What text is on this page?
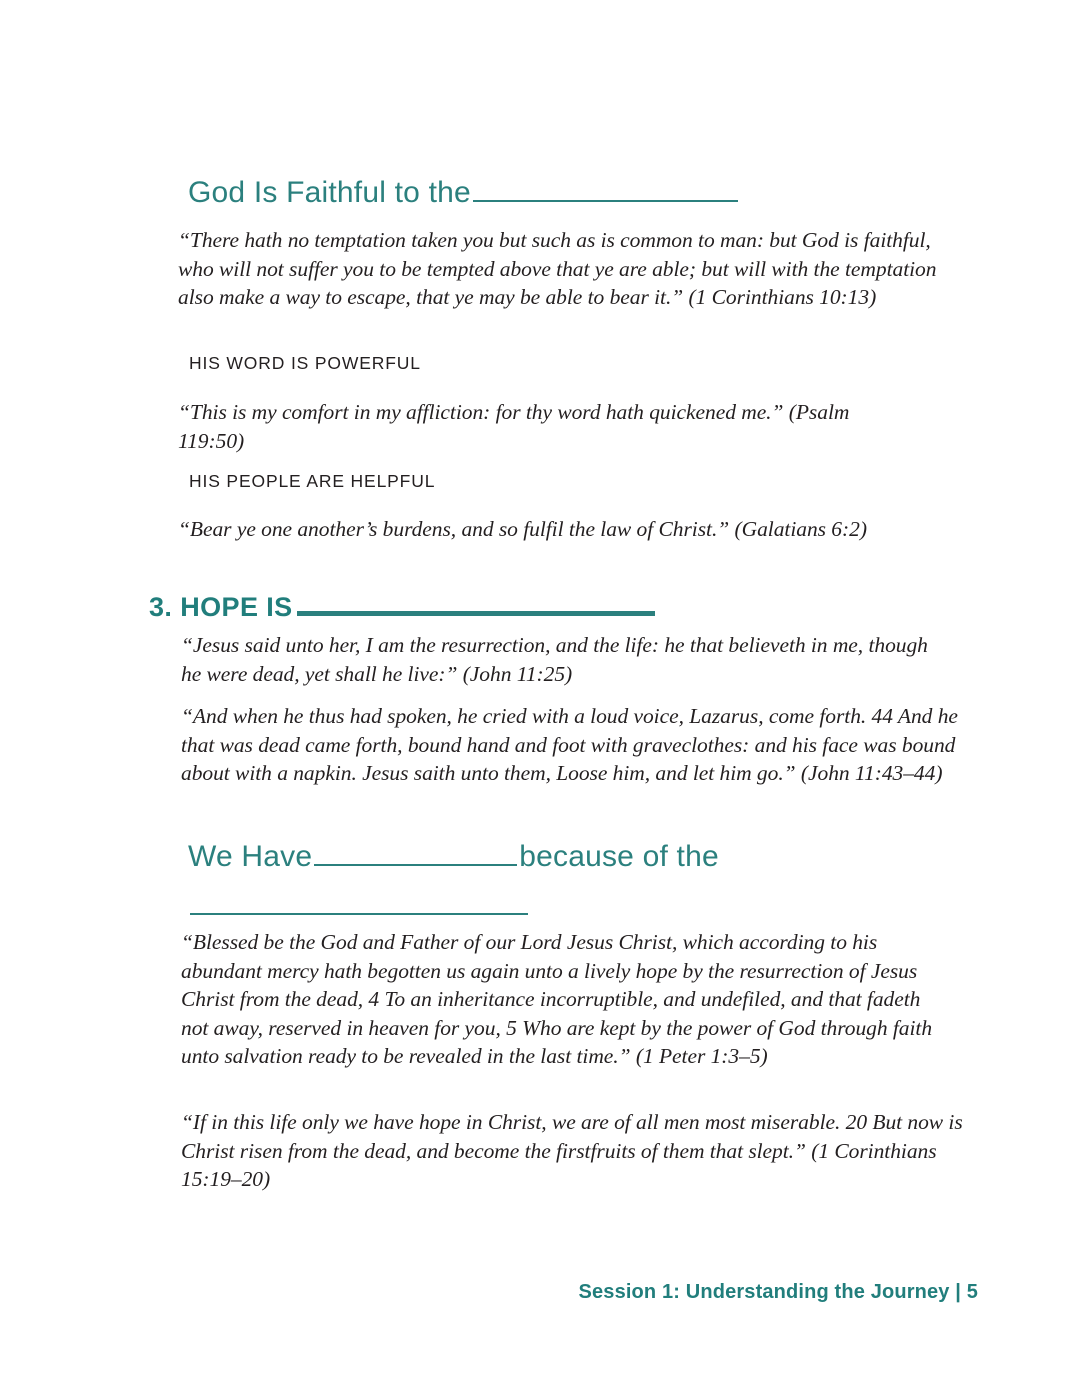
God Is Faithful to the
“There hath no temptation taken you but such as is common to man: but God is faithful, who will not suffer you to be tempted above that ye are able; but will with the temptation also make a way to escape, that ye may be able to bear it.” (1 Corinthians 10:13)
HIS WORD IS POWERFUL
“This is my comfort in my affliction: for thy word hath quickened me.” (Psalm 119:50)
HIS PEOPLE ARE HELPFUL
“Bear ye one another’s burdens, and so fulfil the law of Christ.” (Galatians 6:2)
3. HOPE IS
“Jesus said unto her, I am the resurrection, and the life: he that believeth in me, though he were dead, yet shall he live:” (John 11:25)
“And when he thus had spoken, he cried with a loud voice, Lazarus, come forth. 44 And he that was dead came forth, bound hand and foot with graveclothes: and his face was bound about with a napkin. Jesus saith unto them, Loose him, and let him go.” (John 11:43–44)
We Have	because of the

“Blessed be the God and Father of our Lord Jesus Christ, which according to his abundant mercy hath begotten us again unto a lively hope by the resurrection of Jesus Christ from the dead, 4 To an inheritance incorruptible, and undefiled, and that fadeth not away, reserved in heaven for you, 5 Who are kept by the power of God through faith unto salvation ready to be revealed in the last time.” (1 Peter 1:3–5)
“If in this life only we have hope in Christ, we are of all men most miserable. 20 But now is Christ risen from the dead, and become the firstfruits of them that slept.” (1 Corinthians 15:19–20)
Session 1: Understanding the Journey | 5
